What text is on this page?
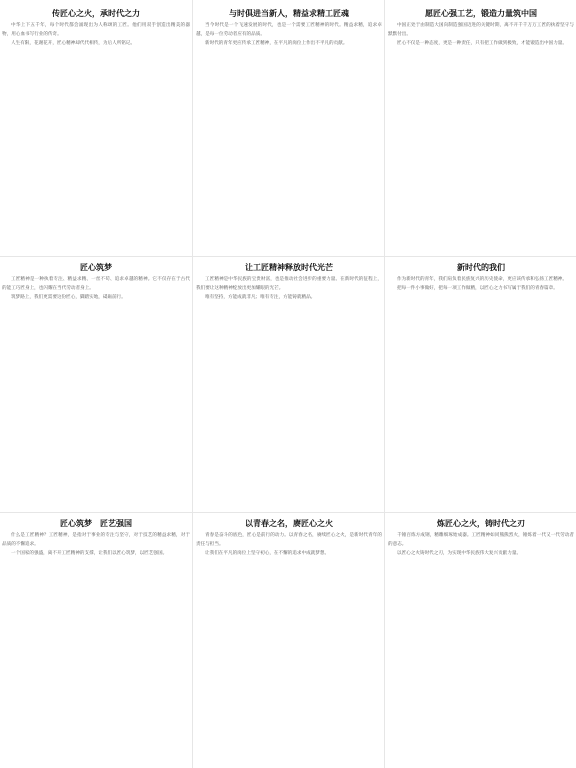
传匠心之火，承时代之力

中华上下五千年，每个时代都会涌现出为人称颂的工匠。他们用双手创造出精美的器物，用心血书写行业的传奇。

人生有限，花谢花开，匠心精神却代代相传，为后人所铭记。

与时俱进当新人，精益求精工匠魂

当今时代是一个飞速发展的时代，也是一个需要工匠精神的时代。精益求精，追求卓越，是每一位劳动者应有的品质。

新时代的青年更应传承工匠精神，在平凡的岗位上作出不平凡的贡献。

愿匠心强工艺，锻造力量筑中国

中国正处于由制造大国向制造强国迈进的关键时期，离不开千千万万工匠的执着坚守与默默付出。

匠心不仅是一种态度，更是一种责任，只有把工作做到极致，才能锻造出中国力量。

匠心筑梦

工匠精神是一种执着专注、精益求精、一丝不苟、追求卓越的精神。它不仅存在于古代的能工巧匠身上，也闪耀在当代劳动者身上。

筑梦路上，我们更需要这份匠心，脚踏实地，砥砺前行。

让工匠精神释放时代光芒

工匠精神是中华民族的宝贵财富，也是推动社会进步的重要力量。在新时代的征程上，我们要让这种精神绽放出更加耀眼的光芒。

唯有坚持，方能成就非凡；唯有专注，方能铸就精品。

新时代的我们

作为新时代的青年，我们肩负着民族复兴的历史使命，更应该传承和弘扬工匠精神。

把每一件小事做好，把每一项工作做精，以匠心之力书写属于我们的青春篇章。

匠心筑梦　匠艺强国

什么是工匠精神？工匠精神，是指对于事业的专注与坚守，对于技艺的精益求精，对于品质的不懈追求。

一个国家的强盛，离不开工匠精神的支撑，让我们以匠心筑梦，以匠艺强国。

以青春之名，赓匠心之火

青春是奋斗的底色，匠心是前行的动力。以青春之名，赓续匠心之火，是新时代青年的责任与担当。

让我们在平凡的岗位上坚守初心，在不懈的追求中成就梦想。

炼匠心之火，铸时代之刃

千锤百炼方成钢，精雕细琢始成器。工匠精神如同熊熊烈火，锤炼着一代又一代劳动者的意志。

以匠心之火铸时代之刃，为实现中华民族伟大复兴贡献力量。
